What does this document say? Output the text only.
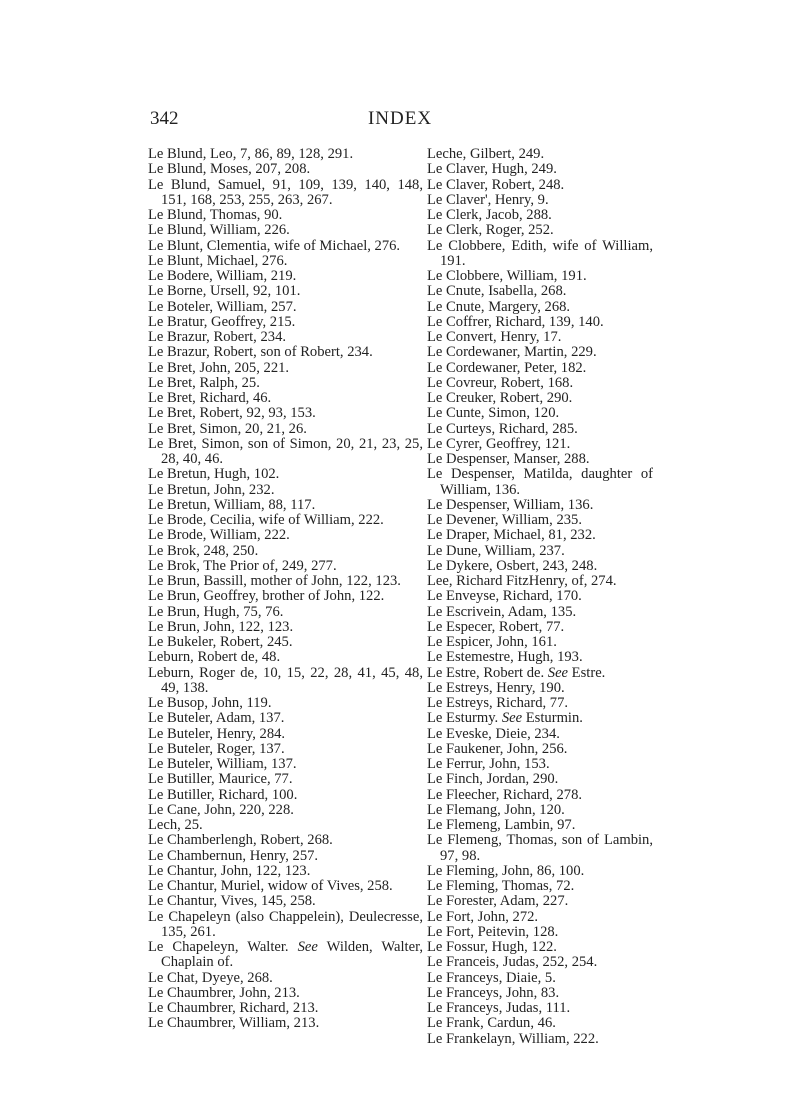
342	INDEX
Le Blund, Leo, 7, 86, 89, 128, 291.
Le Blund, Moses, 207, 208.
Le Blund, Samuel, 91, 109, 139, 140, 148, 151, 168, 253, 255, 263, 267.
Le Blund, Thomas, 90.
Le Blund, William, 226.
Le Blunt, Clementia, wife of Michael, 276.
Le Blunt, Michael, 276.
Le Bodere, William, 219.
Le Borne, Ursell, 92, 101.
Le Boteler, William, 257.
Le Bratur, Geoffrey, 215.
Le Brazur, Robert, 234.
Le Brazur, Robert, son of Robert, 234.
Le Bret, John, 205, 221.
Le Bret, Ralph, 25.
Le Bret, Richard, 46.
Le Bret, Robert, 92, 93, 153.
Le Bret, Simon, 20, 21, 26.
Le Bret, Simon, son of Simon, 20, 21, 23, 25, 28, 40, 46.
Le Bretun, Hugh, 102.
Le Bretun, John, 232.
Le Bretun, William, 88, 117.
Le Brode, Cecilia, wife of William, 222.
Le Brode, William, 222.
Le Brok, 248, 250.
Le Brok, The Prior of, 249, 277.
Le Brun, Bassill, mother of John, 122, 123.
Le Brun, Geoffrey, brother of John, 122.
Le Brun, Hugh, 75, 76.
Le Brun, John, 122, 123.
Le Bukeler, Robert, 245.
Leburn, Robert de, 48.
Leburn, Roger de, 10, 15, 22, 28, 41, 45, 48, 49, 138.
Le Busop, John, 119.
Le Buteler, Adam, 137.
Le Buteler, Henry, 284.
Le Buteler, Roger, 137.
Le Buteler, William, 137.
Le Butiller, Maurice, 77.
Le Butiller, Richard, 100.
Le Cane, John, 220, 228.
Lech, 25.
Le Chamberlengh, Robert, 268.
Le Chambernun, Henry, 257.
Le Chantur, John, 122, 123.
Le Chantur, Muriel, widow of Vives, 258.
Le Chantur, Vives, 145, 258.
Le Chapeleyn (also Chappelein), Deulecresse, 135, 261.
Le Chapeleyn, Walter. See Wilden, Walter, Chaplain of.
Le Chat, Dyeye, 268.
Le Chaumbrer, John, 213.
Le Chaumbrer, Richard, 213.
Le Chaumbrer, William, 213.
Leche, Gilbert, 249.
Le Claver, Hugh, 249.
Le Claver, Robert, 248.
Le Claver', Henry, 9.
Le Clerk, Jacob, 288.
Le Clerk, Roger, 252.
Le Clobbere, Edith, wife of William, 191.
Le Clobbere, William, 191.
Le Cnute, Isabella, 268.
Le Cnute, Margery, 268.
Le Coffrer, Richard, 139, 140.
Le Convert, Henry, 17.
Le Cordewaner, Martin, 229.
Le Cordewaner, Peter, 182.
Le Covreur, Robert, 168.
Le Creuker, Robert, 290.
Le Cunte, Simon, 120.
Le Curteys, Richard, 285.
Le Cyrer, Geoffrey, 121.
Le Despenser, Manser, 288.
Le Despenser, Matilda, daughter of William, 136.
Le Despenser, William, 136.
Le Devener, William, 235.
Le Draper, Michael, 81, 232.
Le Dune, William, 237.
Le Dykere, Osbert, 243, 248.
Lee, Richard FitzHenry, of, 274.
Le Enveyse, Richard, 170.
Le Escrivein, Adam, 135.
Le Especer, Robert, 77.
Le Espicer, John, 161.
Le Estemestre, Hugh, 193.
Le Estre, Robert de. See Estre.
Le Estreys, Henry, 190.
Le Estreys, Richard, 77.
Le Esturmy. See Esturmin.
Le Eveske, Dieie, 234.
Le Faukener, John, 256.
Le Ferrur, John, 153.
Le Finch, Jordan, 290.
Le Fleecher, Richard, 278.
Le Flemang, John, 120.
Le Flemeng, Lambin, 97.
Le Flemeng, Thomas, son of Lambin, 97, 98.
Le Fleming, John, 86, 100.
Le Fleming, Thomas, 72.
Le Forester, Adam, 227.
Le Fort, John, 272.
Le Fort, Peitevin, 128.
Le Fossur, Hugh, 122.
Le Franceis, Judas, 252, 254.
Le Franceys, Diaie, 5.
Le Franceys, John, 83.
Le Franceys, Judas, 111.
Le Frank, Cardun, 46.
Le Frankelayn, William, 222.
